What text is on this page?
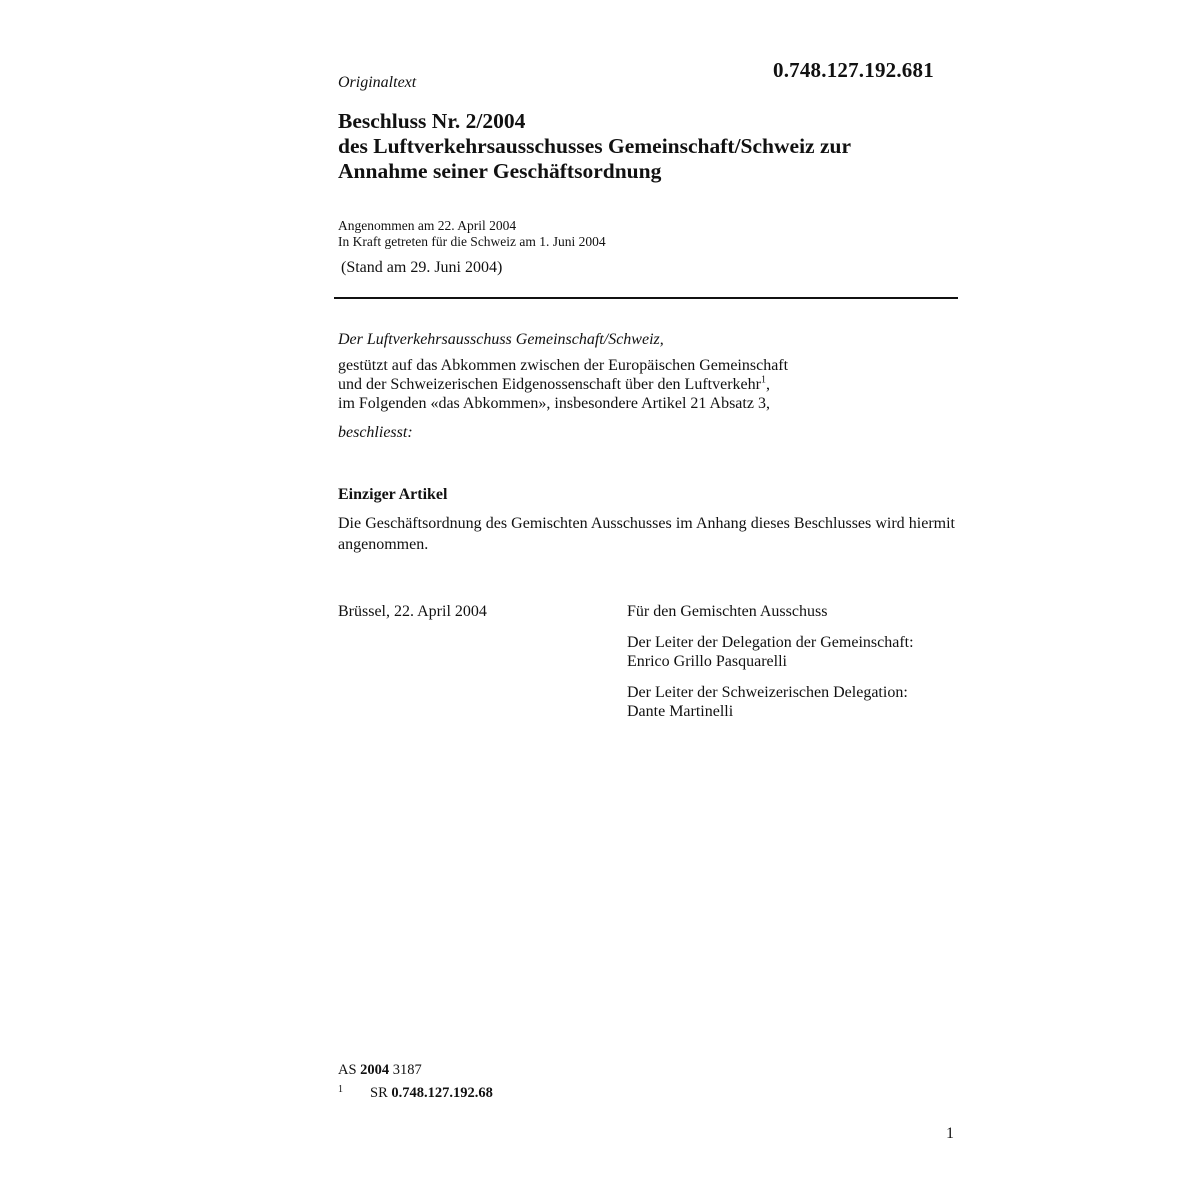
0.748.127.192.681
Originaltext
Beschluss Nr. 2/2004
des Luftverkehrsausschusses Gemeinschaft/Schweiz zur
Annahme seiner Geschäftsordnung
Angenommen am 22. April 2004
In Kraft getreten für die Schweiz am 1. Juni 2004
(Stand am 29. Juni 2004)
Der Luftverkehrsausschuss Gemeinschaft/Schweiz,
gestützt auf das Abkommen zwischen der Europäischen Gemeinschaft
und der Schweizerischen Eidgenossenschaft über den Luftverkehr$^1$,
im Folgenden «das Abkommen», insbesondere Artikel 21 Absatz 3,
beschliesst:
Einziger Artikel
Die Geschäftsordnung des Gemischten Ausschusses im Anhang dieses Beschlusses wird hiermit angenommen.
Brüssel, 22. April 2004	Für den Gemischten Ausschuss
Der Leiter der Delegation der Gemeinschaft:
Enrico Grillo Pasquarelli
Der Leiter der Schweizerischen Delegation:
Dante Martinelli
AS 2004 3187
1 SR 0.748.127.192.68
1
